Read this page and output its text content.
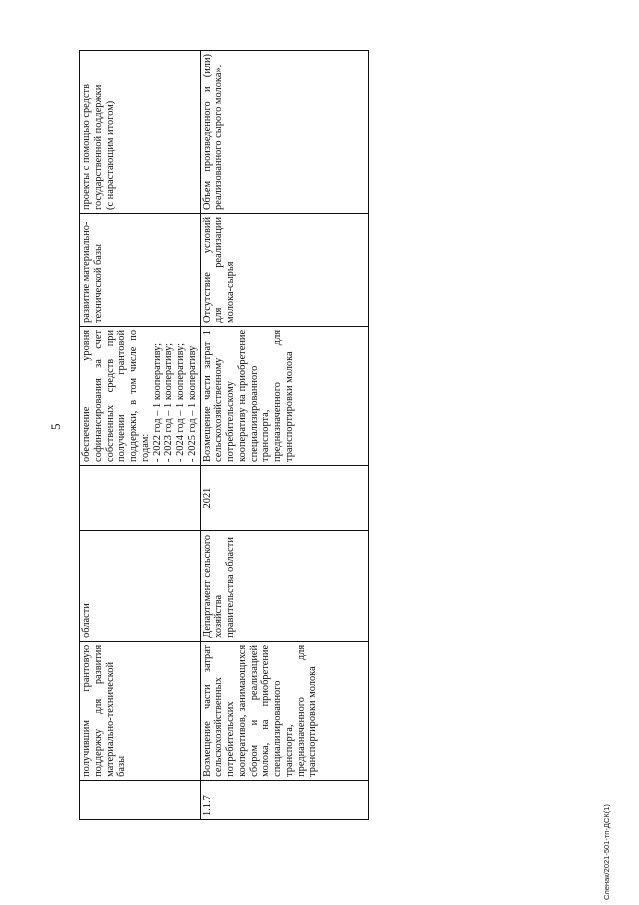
5
	получившим грантовую поддержку для развития материально-технической базы	области		обеспечение уровня софинансирования за счет собственных средств при получении грантовой поддержки, в том числе по годам:
- 2022 год – 1 кооперативу;
- 2023 год – 1 кооперативу;
- 2024 год – 1 кооперативу;
- 2025 год – 1 кооперативу	развитие материально-технической базы	проекты с помощью средств государственной поддержки
(с нарастающим итогом)
1.1.7	Возмещение части затрат сельскохозяйственных потребительских кооперативов, занимающихся сбором и реализацией молока, на приобретение специализированного транспорта, предназначенного для транспортировки молока	Департамент сельского хозяйства правительства области	2021	Возмещение части затрат 1 сельскохозяйственному потребительскому кооперативу на приобретение специализированного транспорта, предназначенного для транспортировки молока	Отсутствие условий для реализации молока-сырья	Объем произведенного и (или) реализованного сырого молока».
Сленак/2021-501-тп-ДСК(1)
